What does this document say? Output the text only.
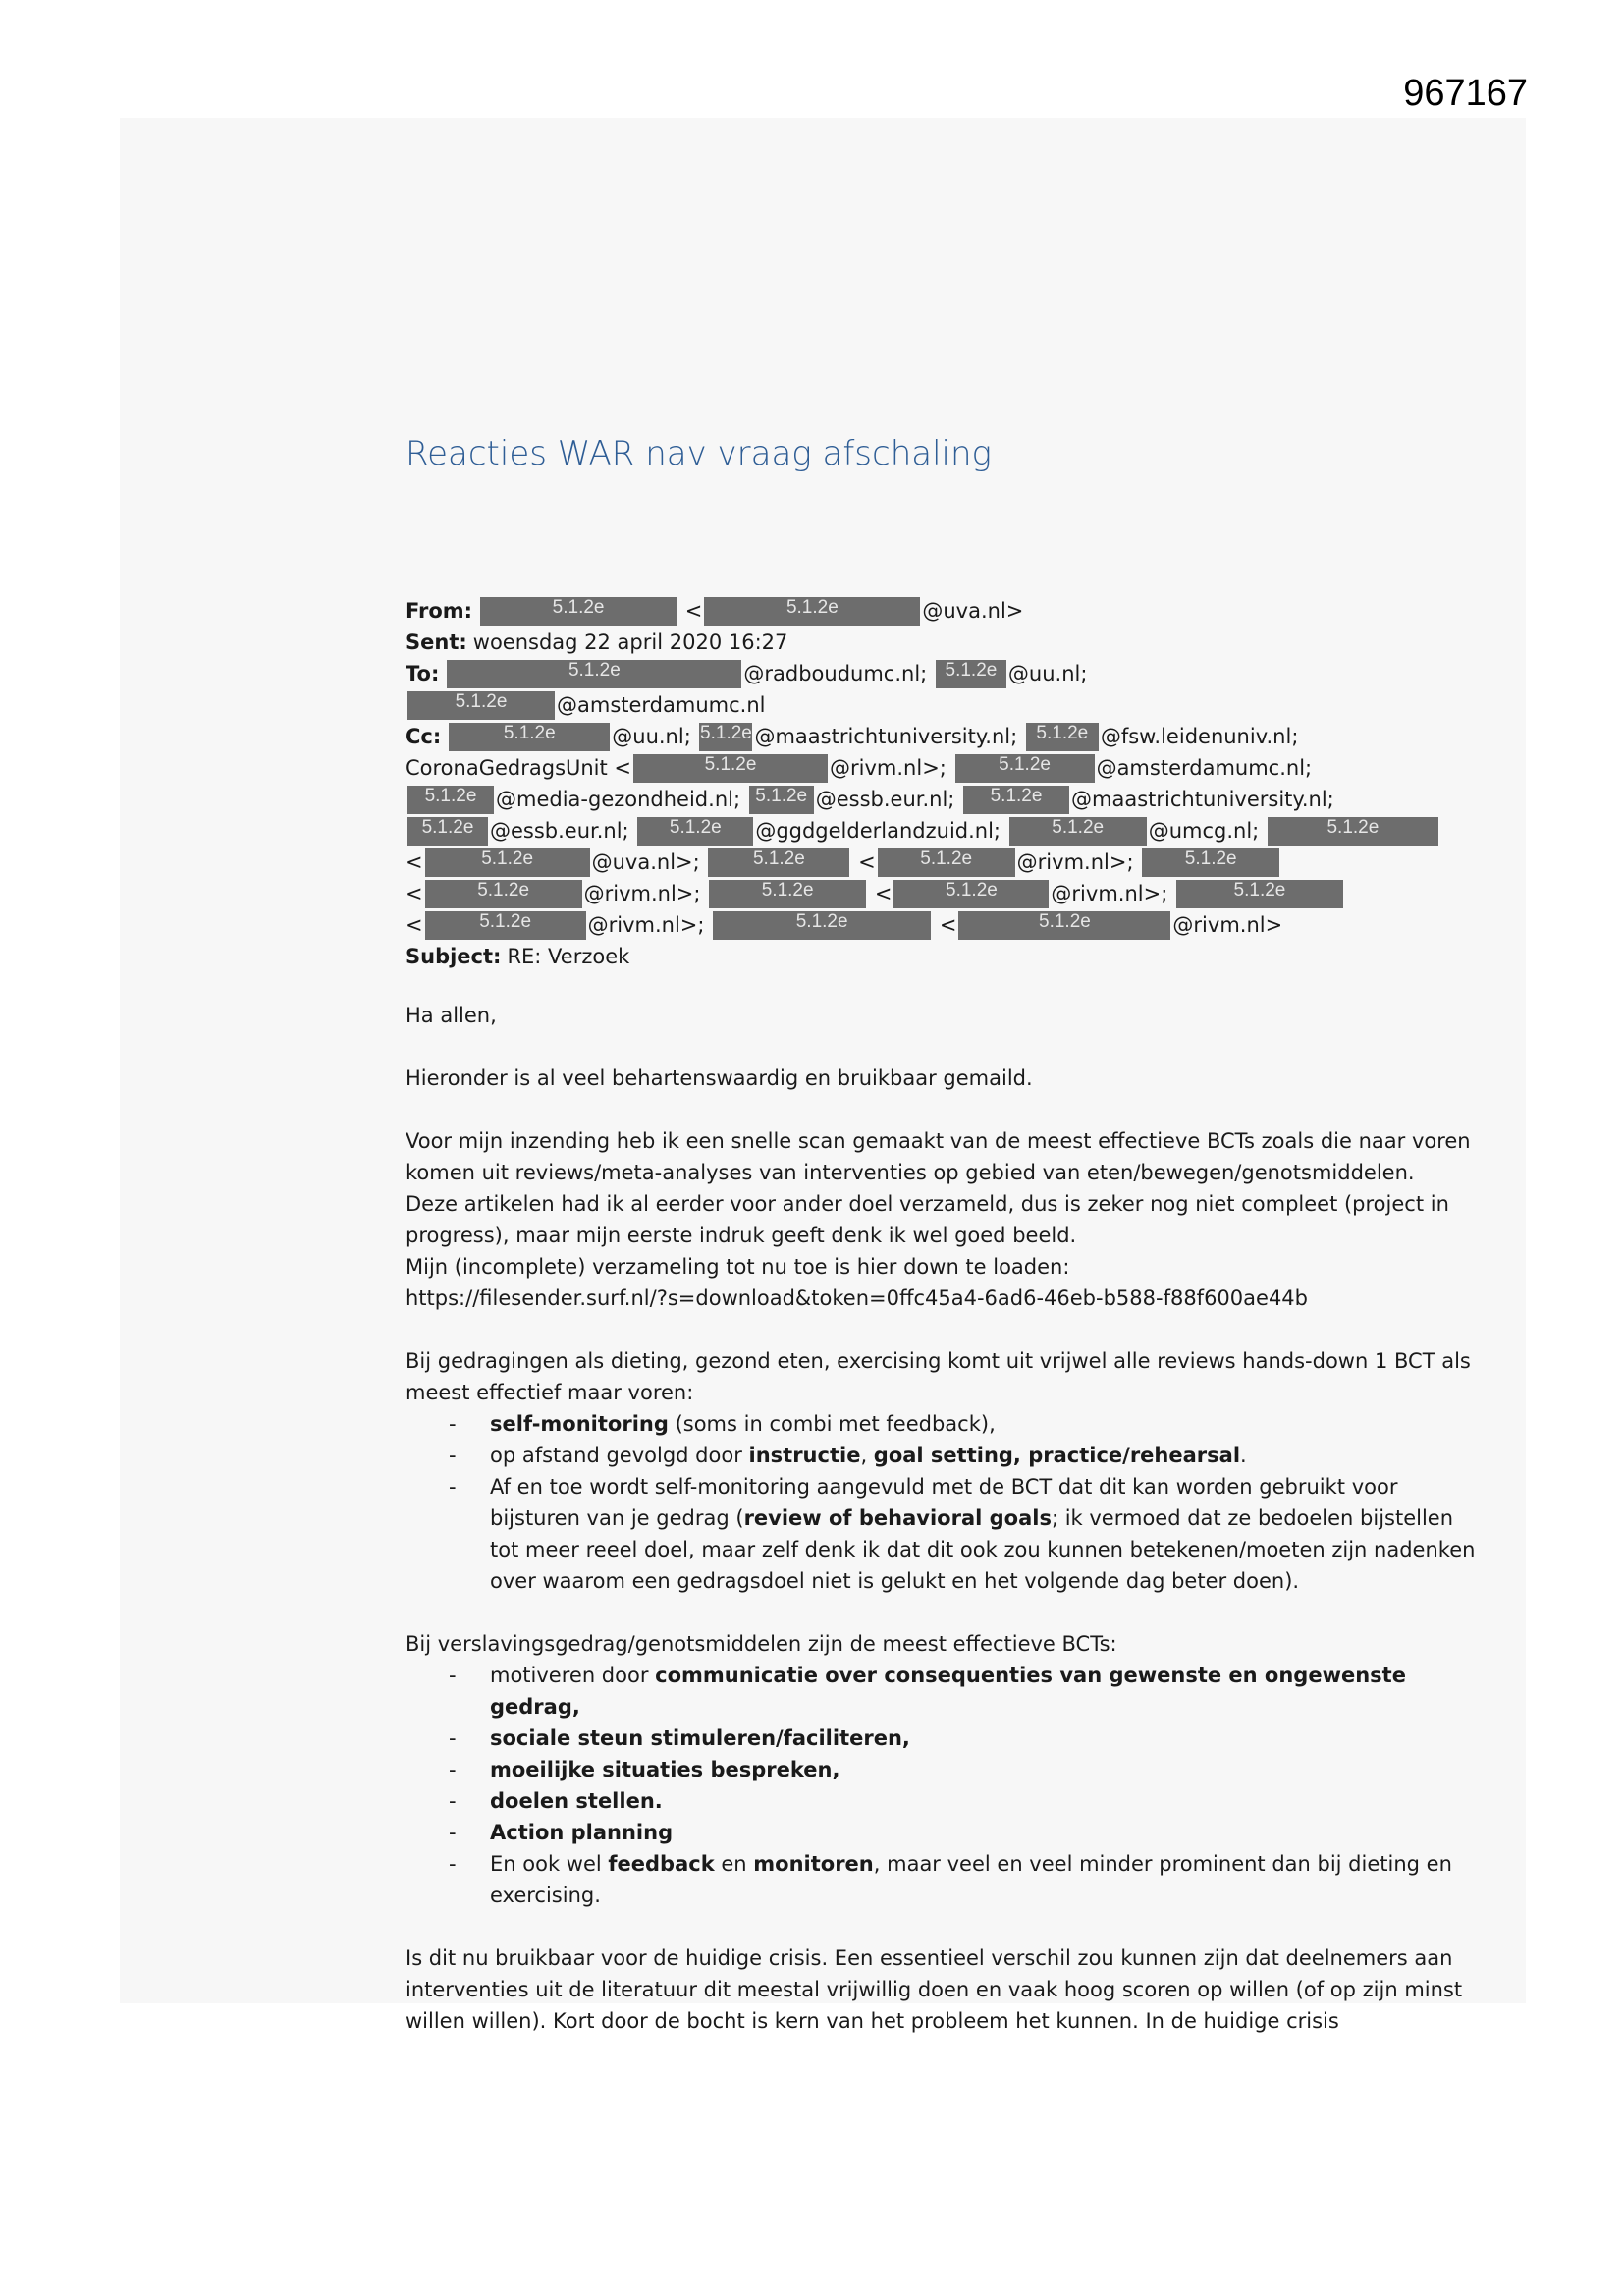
967167
Reacties WAR nav vraag afschaling
From:	5.1.2e	<	5.1.2e	@uva.nl>
Sent: woensdag 22 april 2020 16:27
To:	5.1.2e	@radboudumc.nl; 5.1.2e @uu.nl;
5.1.2e	@amsterdamumc.nl
Cc:	5.1.2e	@uu.nl; 5.1.2e @maastrichtuniversity.nl; 5.1.2e @fsw.leidenuniv.nl;
CoronaGedragsUnit <	5.1.2e	@rivm.nl>;	5.1.2e	@amsterdamumc.nl;
5.1.2e @media-gezondheid.nl; 5.1.2e @essb.eur.nl;	5.1.2e	@maastrichtuniversity.nl;
5.1.2e @essb.eur.nl;	5.1.2e	@ggdgelderlandzuid.nl;	5.1.2e	@umcg.nl;	5.1.2e
<	5.1.2e	@uva.nl>;	5.1.2e	<	5.1.2e	@rivm.nl>;	5.1.2e
<	5.1.2e	@rivm.nl>;	5.1.2e	<	5.1.2e	@rivm.nl>;	5.1.2e
<	5.1.2e	@rivm.nl>;	5.1.2e	<	5.1.2e	@rivm.nl>
Subject: RE: Verzoek
Ha allen,
Hieronder is al veel behartenswaardig en bruikbaar gemaild.
Voor mijn inzending heb ik een snelle scan gemaakt van de meest effectieve BCTs zoals die naar voren komen uit reviews/meta-analyses van interventies op gebied van eten/bewegen/genotsmiddelen.
Deze artikelen had ik al eerder voor ander doel verzameld, dus is zeker nog niet compleet (project in progress), maar mijn eerste indruk geeft denk ik wel goed beeld.
Mijn (incomplete) verzameling tot nu toe is hier down te loaden:
https://filesender.surf.nl/?s=download&token=0ffc45a4-6ad6-46eb-b588-f88f600ae44b
Bij gedragingen als dieting, gezond eten, exercising komt uit vrijwel alle reviews hands-down 1 BCT als meest effectief maar voren:
- self-monitoring (soms in combi met feedback),
- op afstand gevolgd door instructie, goal setting, practice/rehearsal.
- Af en toe wordt self-monitoring aangevuld met de BCT dat dit kan worden gebruikt voor bijsturen van je gedrag (review of behavioral goals; ik vermoed dat ze bedoelen bijstellen tot meer reeel doel, maar zelf denk ik dat dit ook zou kunnen betekenen/moeten zijn nadenken over waarom een gedragsdoel niet is gelukt en het volgende dag beter doen).
Bij verslavingsgedrag/genotsmiddelen zijn de meest effectieve BCTs:
- motiveren door communicatie over consequenties van gewenste en ongewenste gedrag,
- sociale steun stimuleren/faciliteren,
- moeilijke situaties bespreken,
- doelen stellen.
- Action planning
- En ook wel feedback en monitoren, maar veel en veel minder prominent dan bij dieting en exercising.
Is dit nu bruikbaar voor de huidige crisis. Een essentieel verschil zou kunnen zijn dat deelnemers aan interventies uit de literatuur dit meestal vrijwillig doen en vaak hoog scoren op willen (of op zijn minst willen willen). Kort door de bocht is kern van het probleem het kunnen. In de huidige crisis
